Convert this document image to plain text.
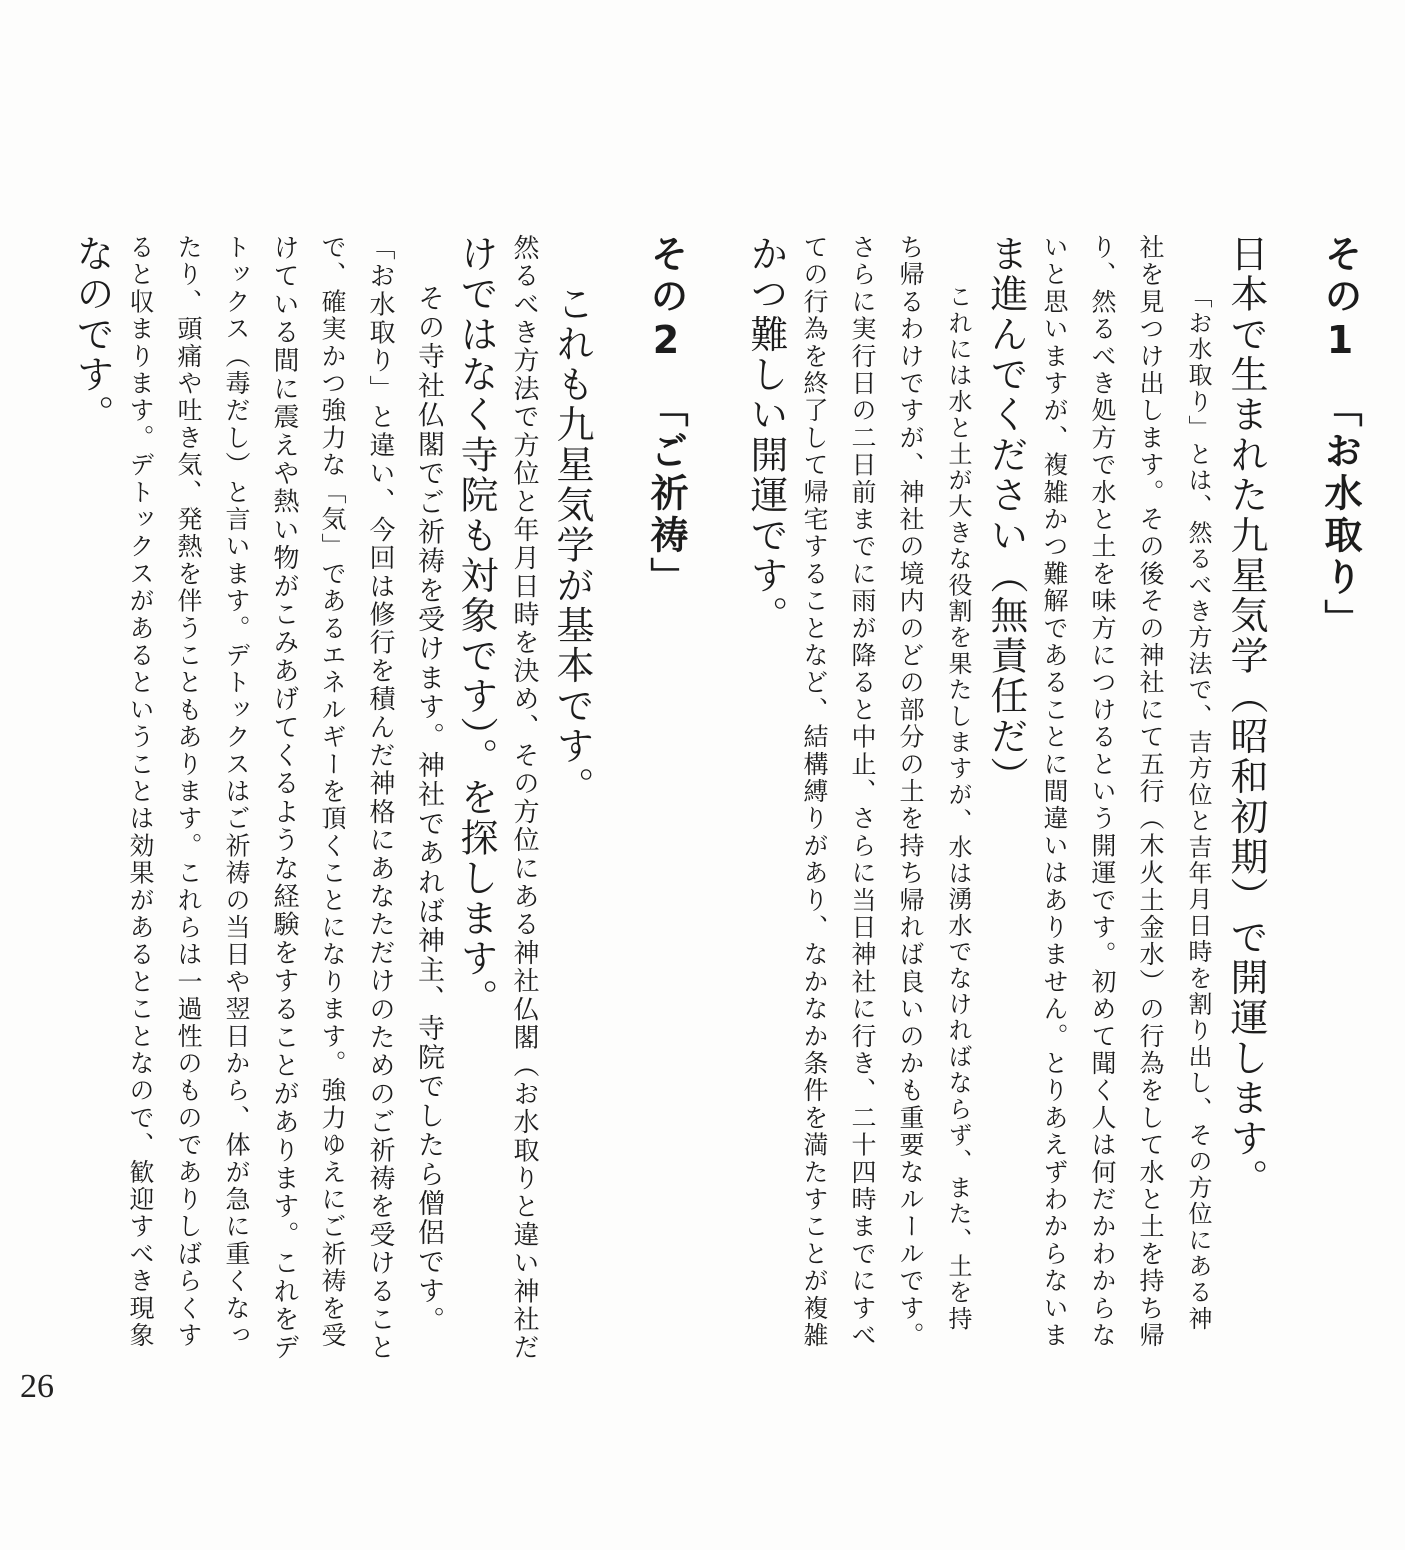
その1　「お水取り」
日本で生まれた九星気学（昭和初期）で開運します。
「お水取り」とは、然るべき方法で、吉方位と吉年月日時を割り出し、その方位にある神
社を見つけ出します。その後その神社にて五行（木火土金水）の行為をして水と土を持ち帰
り、然るべき処方で水と土を味方につけるという開運です。初めて聞く人は何だかわからな
いと思いますが、複雑かつ難解であることに間違いはありません。とりあえずわからないま
ま進んでください（無責任だ）
これには水と土が大きな役割を果たしますが、水は湧水でなければならず、また、土を持
ち帰るわけですが、神社の境内のどの部分の土を持ち帰れば良いのかも重要なルールです。
さらに実行日の二日前までに雨が降ると中止、さらに当日神社に行き、二十四時までにすべ
ての行為を終了して帰宅することなど、結構縛りがあり、なかなか条件を満たすことが複雑
かつ難しい開運です。
その2　「ご祈祷」
これも九星気学が基本です。
然るべき方法で方位と年月日時を決め、その方位にある神社仏閣（お水取りと違い神社だ
けではなく寺院も対象です）。を探します。
その寺社仏閣でご祈祷を受けます。神社であれば神主、寺院でしたら僧侶です。
「お水取り」と違い、今回は修行を積んだ神格にあなただけのためのご祈祷を受けること
で、確実かつ強力な「気」であるエネルギーを頂くことになります。強力ゆえにご祈祷を受
けている間に震えや熱い物がこみあげてくるような経験をすることがあります。これをデ
トックス（毒だし）と言います。デトックスはご祈祷の当日や翌日から、体が急に重くなっ
たり、頭痛や吐き気、発熱を伴うこともあります。これらは一過性のものでありしばらくす
ると収まります。デトックスがあるということは効果があるとことなので、歓迎すべき現象
なのです。
26
